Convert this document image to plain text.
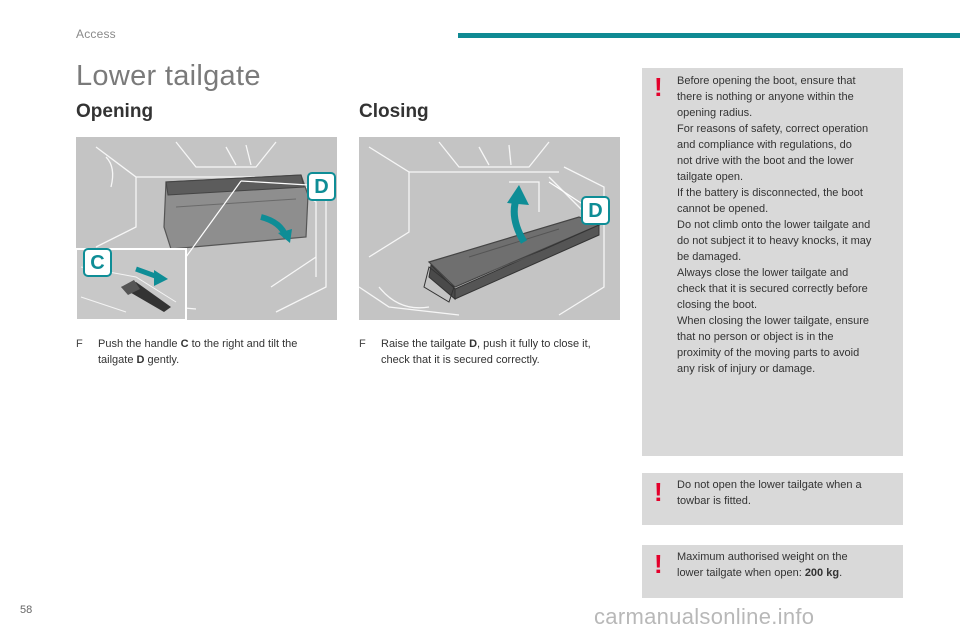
Access
Lower tailgate
Opening
C
D
F	Push the handle C to the right and tilt the
tailgate D gently.
Closing
D
F	Raise the tailgate D, push it fully to close it,
check that it is secured correctly.
! Before opening the boot, ensure that
there is nothing or anyone within the
opening radius.
For reasons of safety, correct operation
and compliance with regulations, do
not drive with the boot and the lower
tailgate open.
If the battery is disconnected, the boot
cannot be opened.
Do not climb onto the lower tailgate and
do not subject it to heavy knocks, it may
be damaged.
Always close the lower tailgate and
check that it is secured correctly before
closing the boot.
When closing the lower tailgate, ensure
that no person or object is in the
proximity of the moving parts to avoid
any risk of injury or damage.
! Do not open the lower tailgate when a
towbar is fitted.
! Maximum authorised weight on the
lower tailgate when open: 200 kg.
58	carmanualsonline.info
